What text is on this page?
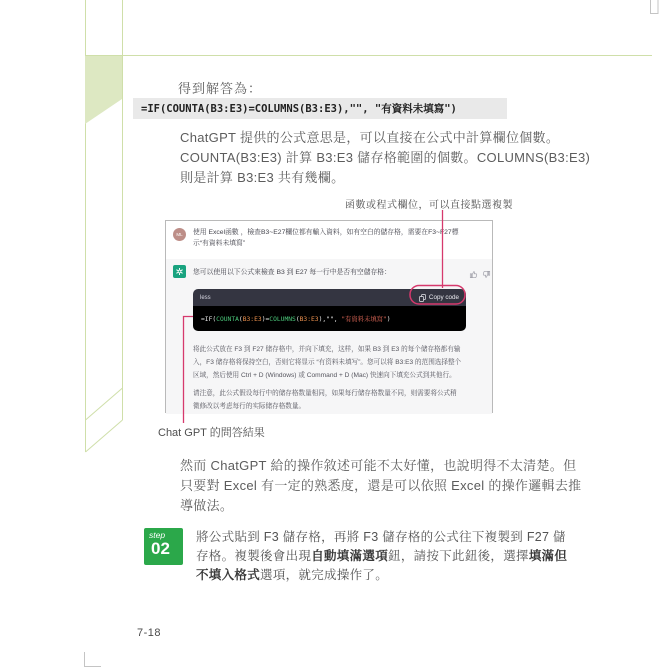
得到解答為：
=IF(COUNTA(B3:E3)=COLUMNS(B3:E3),"", "有資料未填寫")
ChatGPT 提供的公式意思是，可以直接在公式中計算欄位個數。
COUNTA(B3:E3) 計算 B3:E3 儲存格範圍的個數。COLUMNS(B3:E3)
則是計算 B3:E3 共有幾欄。
函數或程式欄位，可以直接點選複製
ML 使用 Excel函數 ，檢查B3~E27欄位都有輸入資料，如有空白的儲存格，需要在F3~F27標
示“有資料未填寫”
您可以使用以下公式來檢查 B3 到 E27 每一行中是否有空儲存格：
less	Copy code
=IF(COUNTA(B3:E3)=COLUMNS(B3:E3),"", "有資料未填寫")
将此公式放在 F3 到 F27 储存格中，并向下填充，这样，如果 B3 到 E3 的每个储存格都有输
入，F3 储存格将保持空白，否则它将显示 “有资料未填写”。您可以将 B3:E3 的范围选择整个
区域，然后使用 Ctrl + D (Windows) 或 Command + D (Mac) 快速向下填充公式到其他行。
请注意，此公式假设每行中的储存格数量相同，如果每行储存格数量不同，则需要将公式稍
微修改以考虑每行的实际储存格数量。
Chat GPT 的問答結果
然而 ChatGPT 給的操作敘述可能不太好懂，也說明得不太清楚。但
只要對 Excel 有一定的熟悉度，還是可以依照 Excel 的操作邏輯去推
導做法。
step
02
將公式貼到 F3 儲存格，再將 F3 儲存格的公式往下複製到 F27 儲
存格。複製後會出現自動填滿選項鈕，請按下此鈕後，選擇填滿但
不填入格式選項，就完成操作了。
7-18
